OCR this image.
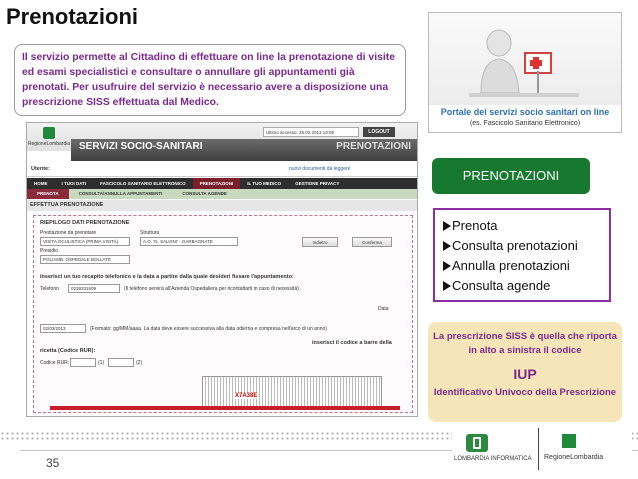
Prenotazioni
Il servizio permette al Cittadino di effettuare on line la prenotazione di visite ed esami specialistici e consultare o annullare gli appuntamenti già prenotati. Per usufruire del servizio è necessario avere a disposizione una prescrizione SISS effettuata dal Medico.
Portale dei servizi socio sanitari on line
(es. Fascicolo Sanitario Elettronico)
RegioneLombardia
Ultimo accesso: 25.02.2013 13:05	LOGOUT
SERVIZI SOCIO-SANITARI	PRENOTAZIONI
Utente:	nuovi documenti da leggere
HOME	I TUOI DATI	FASCICOLO SANITARIO ELETTRONICO	PRENOTAZIONI	IL TUO MEDICO	GESTIONE PRIVACY
PRENOTA	CONSULTA/ANNULLA APPUNTAMENTI	CONSULTA AGENDE
EFFETTUA PRENOTAZIONE
RIEPILOGO DATI PRENOTAZIONE
Prestazione da prenotare
VISITA OCULISTICA (PRIMA VISITA)
Struttura
A.O. 'G. SALVINI' - GARBAGNATE	Indietro	Conferma
Presidio
POLIAMB. OSPEDALE BOLLATE
inserisci un tuo recapito telefonico e la data a partire dalla quale desideri fissare l'appuntamento:
Telefono	0239331609	(Il telefono servirà all'Azienda Ospedaliera per ricontattarti in caso di necessità)
Data
02/03/2013	(Formato: gg/MM/aaaa. La data deve essere successiva alla data odierna e compresa nell'arco di un anno)
inserisci il codice a barre della
ricetta (Codice RUR):
Codice RUR:	(1)	(2)
X7A38E
PRENOTAZIONI
Prenota
Consulta prenotazioni
Annulla prenotazioni
Consulta agende
La prescrizione SISS è quella che riporta in alto a sinistra il codice
IUP
Identificativo Univoco della Prescrizione
35	LOMBARDIA INFORMATICA RegioneLombardia
